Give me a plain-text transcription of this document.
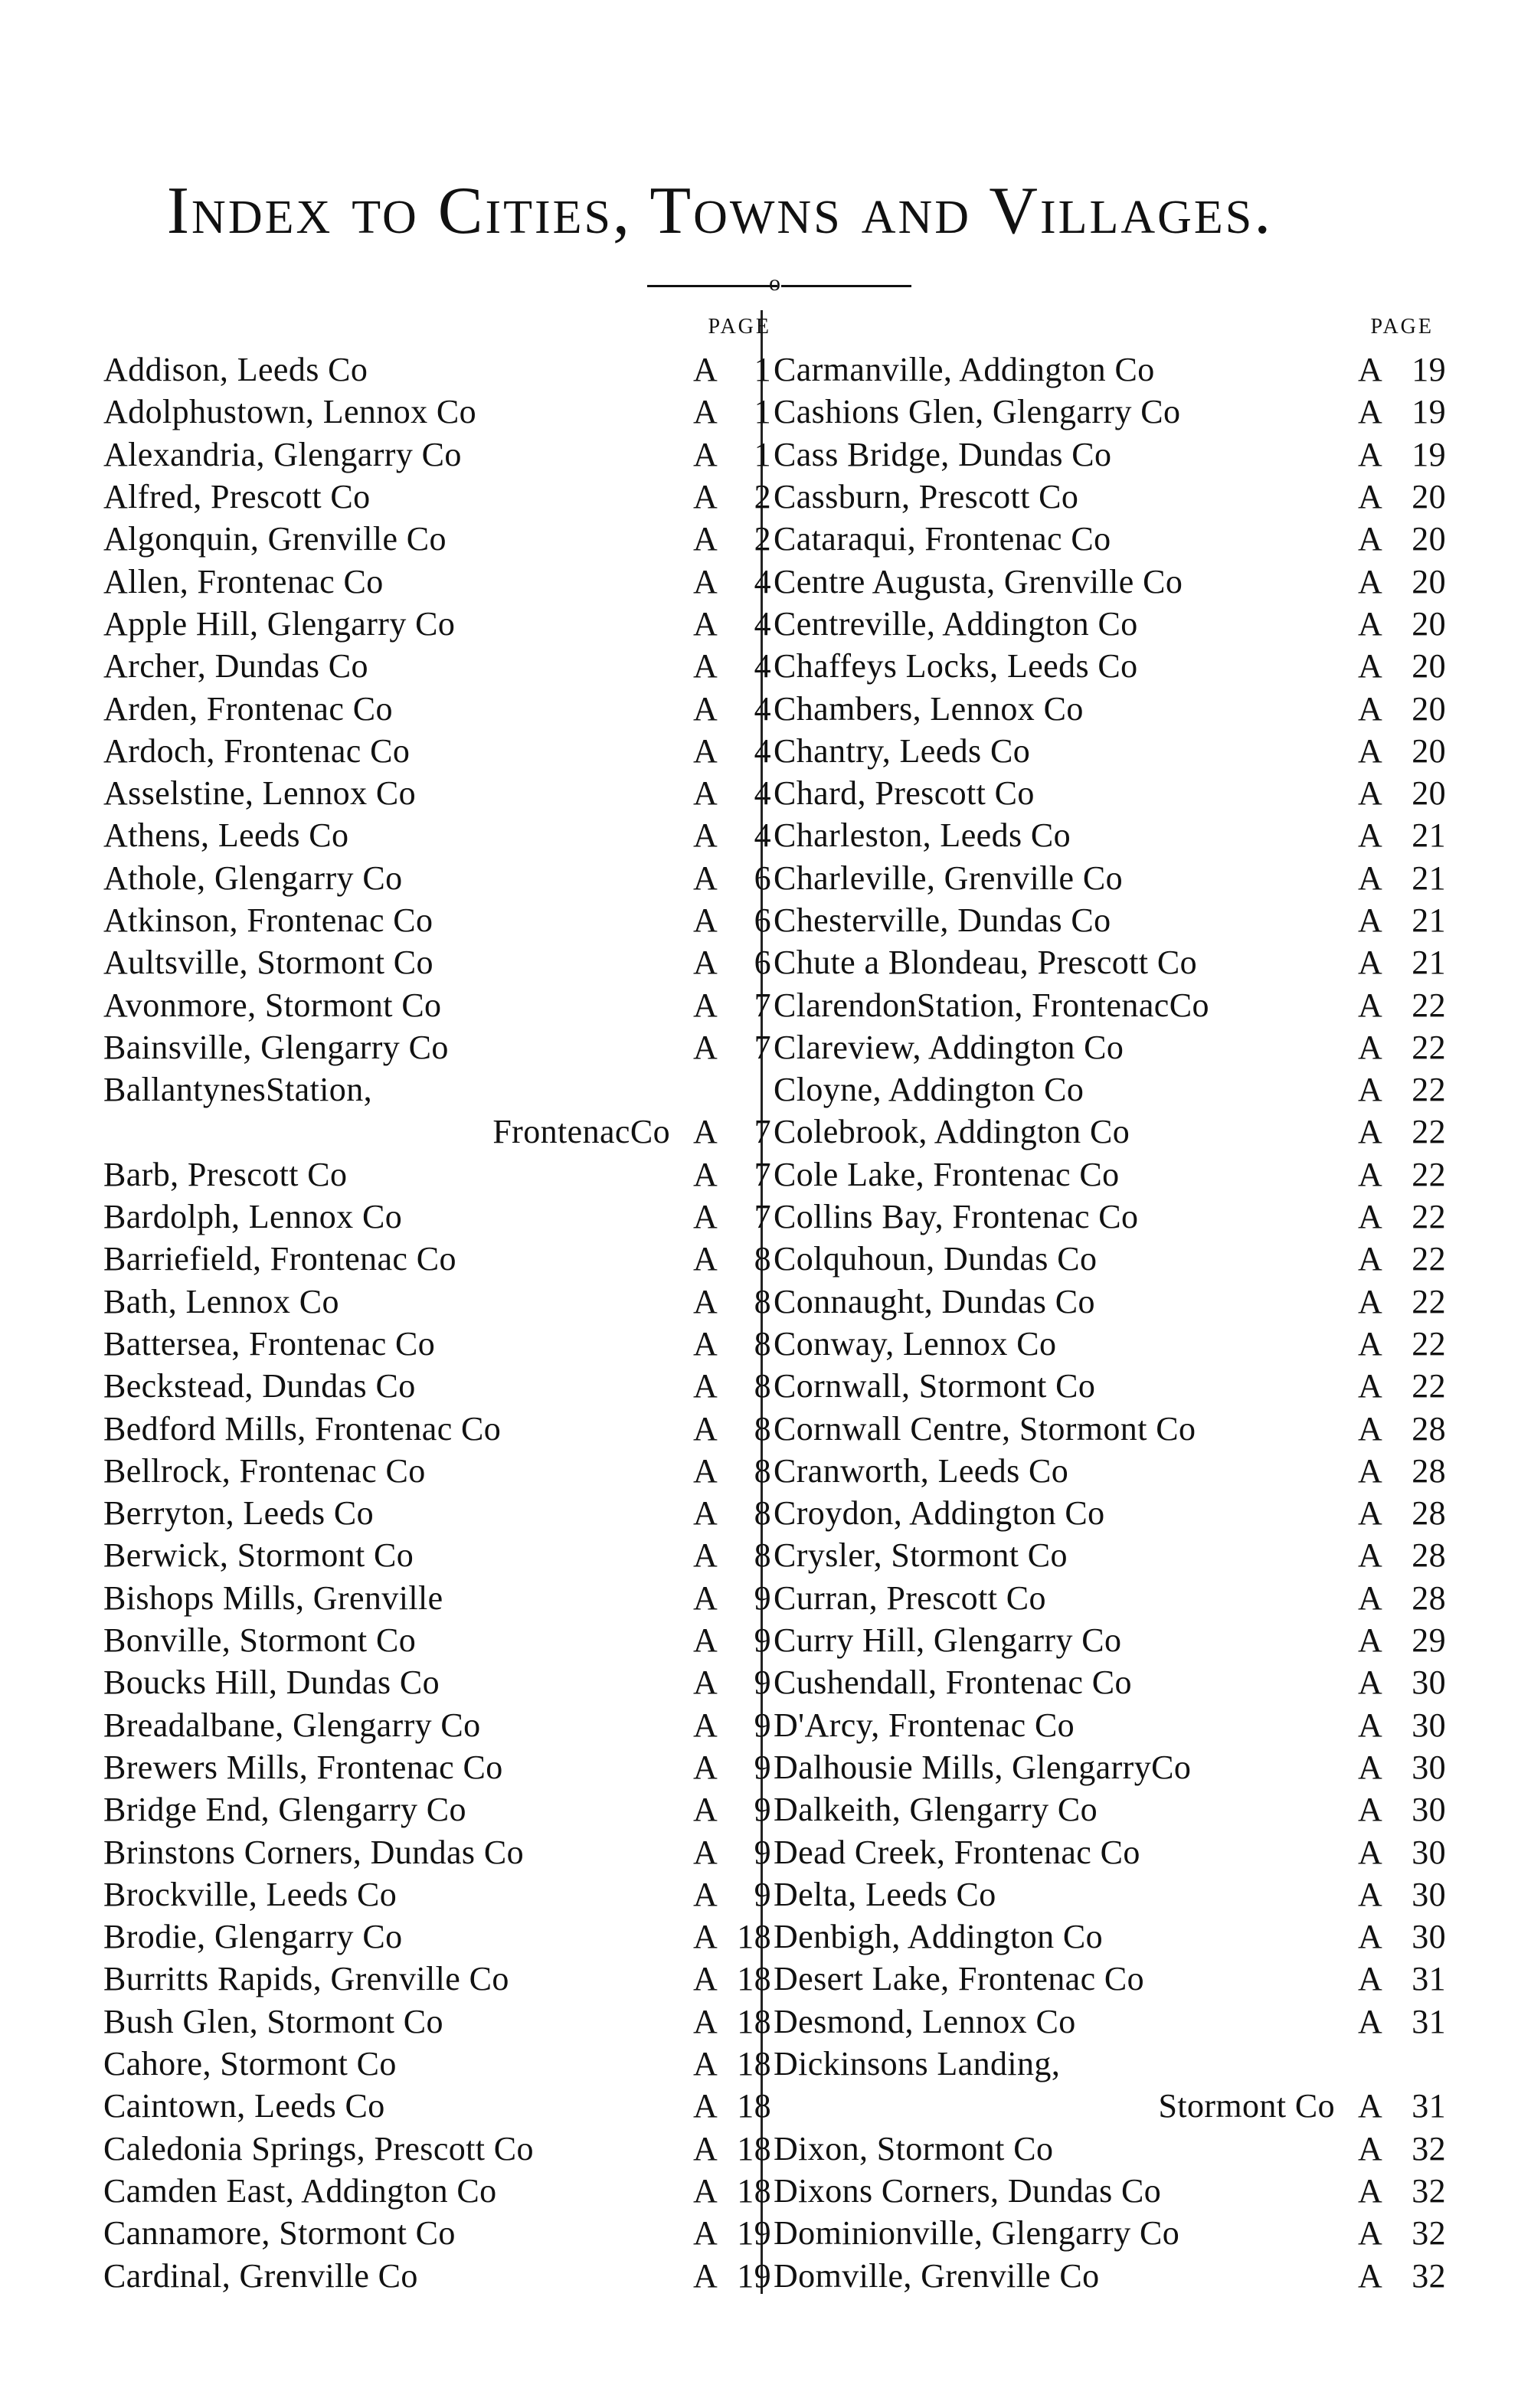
Index to Cities, Towns and Villages.
o
PAGE
Addison, Leeds Co	A	1
Adolphustown, Lennox Co	A	1
Alexandria, Glengarry Co	A	1
Alfred, Prescott Co	A	2
Algonquin, Grenville Co	A	2
Allen, Frontenac Co	A	4
Apple Hill, Glengarry Co	A	4
Archer, Dundas Co	A	4
Arden, Frontenac Co	A	4
Ardoch, Frontenac Co	A	4
Asselstine, Lennox Co	A	4
Athens, Leeds Co	A	4
Athole, Glengarry Co	A	6
Atkinson, Frontenac Co	A	6
Aultsville, Stormont Co	A	6
Avonmore, Stormont Co	A	7
Bainsville, Glengarry Co	A	7
BallantynesStation,
FrontenacCo A	7
Barb, Prescott Co	A	7
Bardolph, Lennox Co	A	7
Barriefield, Frontenac Co	A	8
Bath, Lennox Co	A	8
Battersea, Frontenac Co	A	8
Beckstead, Dundas Co	A	8
Bedford Mills, Frontenac Co	A	8
Bellrock, Frontenac Co	A	8
Berryton, Leeds Co	A	8
Berwick, Stormont Co	A	8
Bishops Mills, Grenville	A	9
Bonville, Stormont Co	A	9
Boucks Hill, Dundas Co	A	9
Breadalbane, Glengarry Co	A	9
Brewers Mills, Frontenac Co	A	9
Bridge End, Glengarry Co	A	9
Brinstons Corners, Dundas Co	A	9
Brockville, Leeds Co	A	9
Brodie, Glengarry Co	A 18
Burritts Rapids, Grenville Co	A 18
Bush Glen, Stormont Co	A 18
Cahore, Stormont Co	A 18
Caintown, Leeds Co	A 18
Caledonia Springs, Prescott Co	A 18
Camden East, Addington Co	A 18
Cannamore, Stormont Co	A 19
Cardinal, Grenville Co	A 19
PAGE
Carmanville, Addington Co	A 19
Cashions Glen, Glengarry Co	A 19
Cass Bridge, Dundas Co	A 19
Cassburn, Prescott Co	A 20
Cataraqui, Frontenac Co	A 20
Centre Augusta, Grenville Co	A 20
Centreville, Addington Co	A 20
Chaffeys Locks, Leeds Co	A 20
Chambers, Lennox Co	A 20
Chantry, Leeds Co	A 20
Chard, Prescott Co	A 20
Charleston, Leeds Co	A 21
Charleville, Grenville Co	A 21
Chesterville, Dundas Co	A 21
Chute a Blondeau, Prescott Co	A 21
ClarendonStation, FrontenacCo	A 22
Clareview, Addington Co	A 22
Cloyne, Addington Co	A 22
Colebrook, Addington Co	A 22
Cole Lake, Frontenac Co	A 22
Collins Bay, Frontenac Co	A 22
Colquhoun, Dundas Co	A 22
Connaught, Dundas Co	A 22
Conway, Lennox Co	A 22
Cornwall, Stormont Co	A 22
Cornwall Centre, Stormont Co	A 28
Cranworth, Leeds Co	A 28
Croydon, Addington Co	A 28
Crysler, Stormont Co	A 28
Curran, Prescott Co	A 28
Curry Hill, Glengarry Co	A 29
Cushendall, Frontenac Co	A 30
D'Arcy, Frontenac Co	A 30
Dalhousie Mills, GlengarryCo	A 30
Dalkeith, Glengarry Co	A 30
Dead Creek, Frontenac Co	A 30
Delta, Leeds Co	A 30
Denbigh, Addington Co	A 30
Desert Lake, Frontenac Co	A 31
Desmond, Lennox Co	A 31
Dickinsons Landing,
Stormont Co A 31
Dixon, Stormont Co	A 32
Dixons Corners, Dundas Co	A 32
Dominionville, Glengarry Co	A 32
Domville, Grenville Co	A 32
